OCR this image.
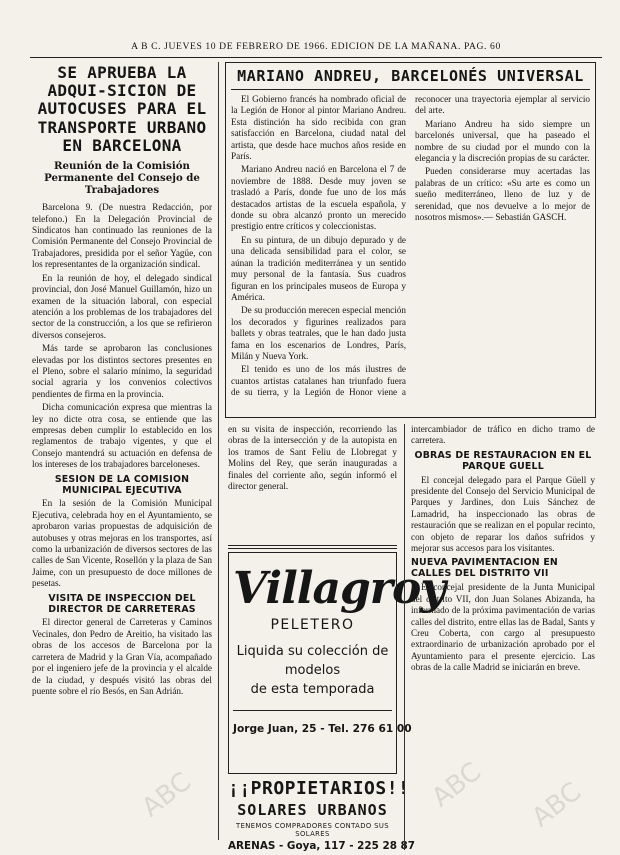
A B C. JUEVES 10 DE FEBRERO DE 1966. EDICION DE LA MAÑANA. PAG. 60
SE APRUEBA LA ADQUI-SICION DE AUTOCUSES PARA EL TRANSPORTE URBANO EN BARCELONA
Reunión de la Comisión Permanente del Consejo de Trabajadores
Barcelona 9. (De nuestra Redacción, por telefono.) En la Delegación Provincial de Sindicatos han continuado las reuniones de la Comisión Permanente del Consejo Provincial de Trabajadores, presidida por el señor Yagüe, con los representantes de la organización sindical.
En la reunión de hoy, el delegado sindical provincial, don José Manuel Guillamón, hizo un examen de la situación laboral, con especial atención a los problemas de los trabajadores del sector de la construcción, a los que se refirieron diversos consejeros.
Más tarde se aprobaron las conclusiones elevadas por los distintos sectores presentes en el Pleno, sobre el salario mínimo, la seguridad social agraria y los convenios colectivos pendientes de firma en la provincia.
Dicha comunicación expresa que mientras la ley no dicte otra cosa, se entiende que las empresas deben cumplir lo establecido en los reglamentos de trabajo vigentes, y que el Consejo mantendrá su actuación en defensa de los intereses de los trabajadores barceloneses.
SESION DE LA COMISION MUNICIPAL EJECUTIVA
En la sesión de la Comisión Municipal Ejecutiva, celebrada hoy en el Ayuntamiento, se aprobaron varias propuestas de adquisición de autobuses y otras mejoras en los transportes, así como la urbanización de diversos sectores de las calles de San Vicente, Rosellón y la plaza de San Jaime, con un presupuesto de doce millones de pesetas.
VISITA DE INSPECCION DEL DIRECTOR DE CARRETERAS
El director general de Carreteras y Caminos Vecinales, don Pedro de Areitio, ha visitado las obras de los accesos de Barcelona por la carretera de Madrid y la Gran Vía, acompañado por el ingeniero jefe de la provincia y el alcalde de la ciudad, y después visitó las obras del puente sobre el río Besós, en San Adrián.
MARIANO ANDREU, BARCELONÉS UNIVERSAL
El Gobierno francés ha nombrado oficial de la Legión de Honor al pintor Mariano Andreu. Esta distinción ha sido recibida con gran satisfacción en Barcelona, ciudad natal del artista, que desde hace muchos años reside en París.
Mariano Andreu nació en Barcelona el 7 de noviembre de 1888. Desde muy joven se trasladó a París, donde fue uno de los más destacados artistas de la escuela española, y donde su obra alcanzó pronto un merecido prestigio entre críticos y coleccionistas.
En su pintura, de un dibujo depurado y de una delicada sensibilidad para el color, se aúnan la tradición mediterránea y un sentido muy personal de la fantasía. Sus cuadros figuran en los principales museos de Europa y América.
De su producción merecen especial mención los decorados y figurines realizados para ballets y obras teatrales, que le han dado justa fama en los escenarios de Londres, París, Milán y Nueva York.
El tenido es uno de los más ilustres de cuantos artistas catalanes han triunfado fuera de su tierra, y la Legión de Honor viene a reconocer una trayectoria ejemplar al servicio del arte.
Mariano Andreu ha sido siempre un barcelonés universal, que ha paseado el nombre de su ciudad por el mundo con la elegancia y la discreción propias de su carácter.
Pueden considerarse muy acertadas las palabras de un crítico: «Su arte es como un sueño mediterráneo, lleno de luz y de serenidad, que nos devuelve a lo mejor de nosotros mismos».— Sebastián GASCH.
en su visita de inspección, recorriendo las obras de la intersección y de la autopista en los tramos de Sant Feliu de Llobregat y Molins del Rey, que serán inauguradas a finales del corriente año, según informó el director general.
Villagroy
PELETERO
Liquida su colección de
modelos
de esta temporada
Jorge Juan, 25 - Tel. 276 61 00
¡¡PROPIETARIOS!!
SOLARES URBANOS
TENEMOS COMPRADORES CONTADO SUS SOLARES
ARENAS - Goya, 117 - 225 28 87
intercambiador de tráfico en dicho tramo de carretera.
OBRAS DE RESTAURACION EN EL PARQUE GUELL
El concejal delegado para el Parque Güell y presidente del Consejo del Servicio Municipal de Parques y Jardines, don Luis Sánchez de Lamadrid, ha inspeccionado las obras de restauración que se realizan en el popular recinto, con objeto de reparar los daños sufridos y mejorar sus accesos para los visitantes.
NUEVA PAVIMENTACION EN CALLES DEL DISTRITO VII
El concejal presidente de la Junta Municipal del distrito VII, don Juan Solanes Abizanda, ha informado de la próxima pavimentación de varias calles del distrito, entre ellas las de Badal, Sants y Creu Coberta, con cargo al presupuesto extraordinario de urbanización aprobado por el Ayuntamiento para el presente ejercicio. Las obras de la calle Madrid se iniciarán en breve.
ABC	ABC ABC
